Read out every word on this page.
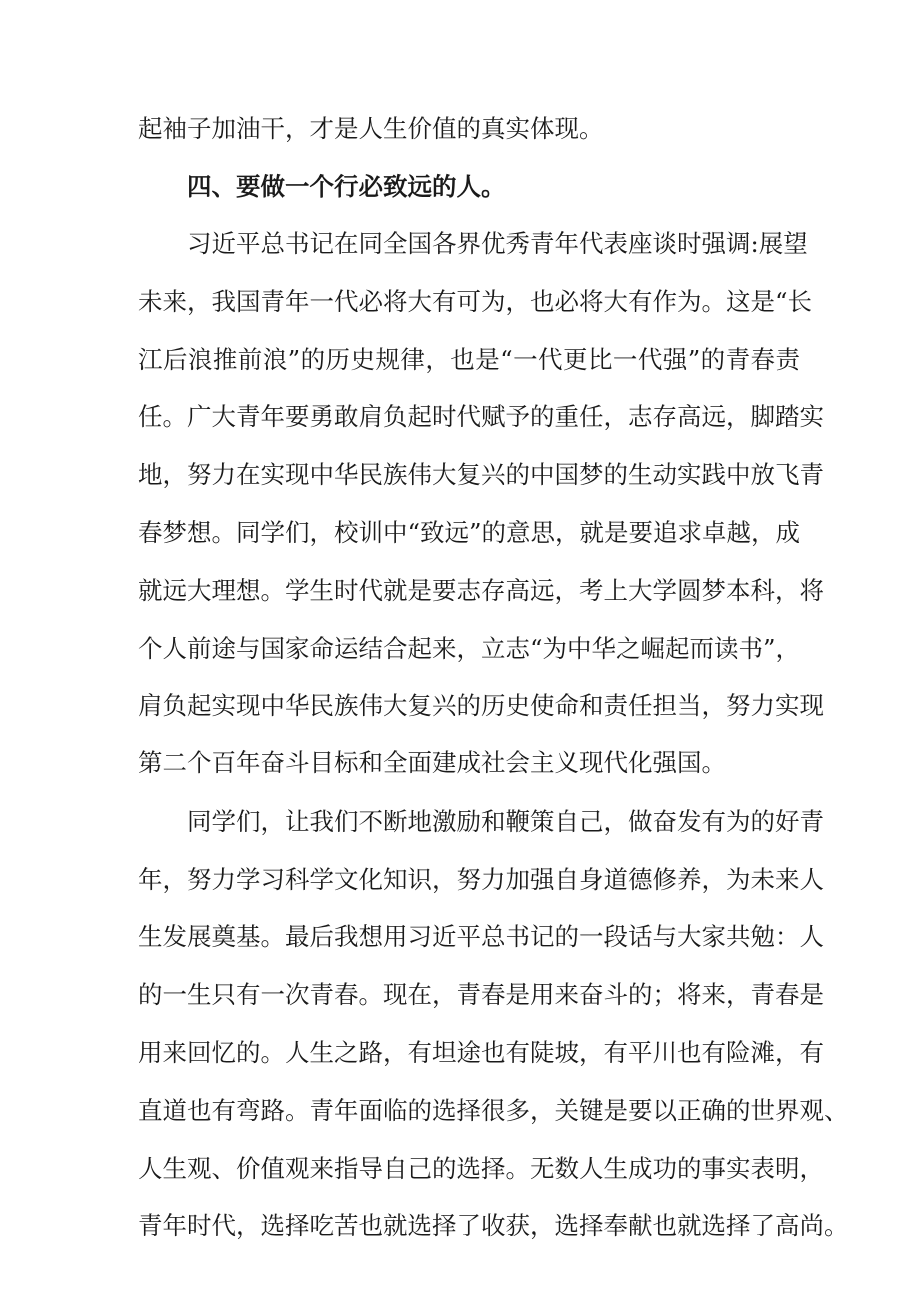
起袖子加油干，才是人生价值的真实体现。
四、要做一个行必致远的人。
习近平总书记在同全国各界优秀青年代表座谈时强调:展望
未来，我国青年一代必将大有可为，也必将大有作为。这是“长
江后浪推前浪”的历史规律，也是“一代更比一代强”的青春责
任。广大青年要勇敢肩负起时代赋予的重任，志存高远，脚踏实
地，努力在实现中华民族伟大复兴的中国梦的生动实践中放飞青
春梦想。同学们，校训中“致远”的意思，就是要追求卓越，成
就远大理想。学生时代就是要志存高远，考上大学圆梦本科，将
个人前途与国家命运结合起来，立志“为中华之崛起而读书”，
肩负起实现中华民族伟大复兴的历史使命和责任担当，努力实现
第二个百年奋斗目标和全面建成社会主义现代化强国。
同学们，让我们不断地激励和鞭策自己，做奋发有为的好青
年，努力学习科学文化知识，努力加强自身道德修养，为未来人
生发展奠基。最后我想用习近平总书记的一段话与大家共勉：人
的一生只有一次青春。现在，青春是用来奋斗的；将来，青春是
用来回忆的。人生之路，有坦途也有陡坡，有平川也有险滩，有
直道也有弯路。青年面临的选择很多，关键是要以正确的世界观、
人生观、价值观来指导自己的选择。无数人生成功的事实表明，
青年时代，选择吃苦也就选择了收获，选择奉献也就选择了高尚。
